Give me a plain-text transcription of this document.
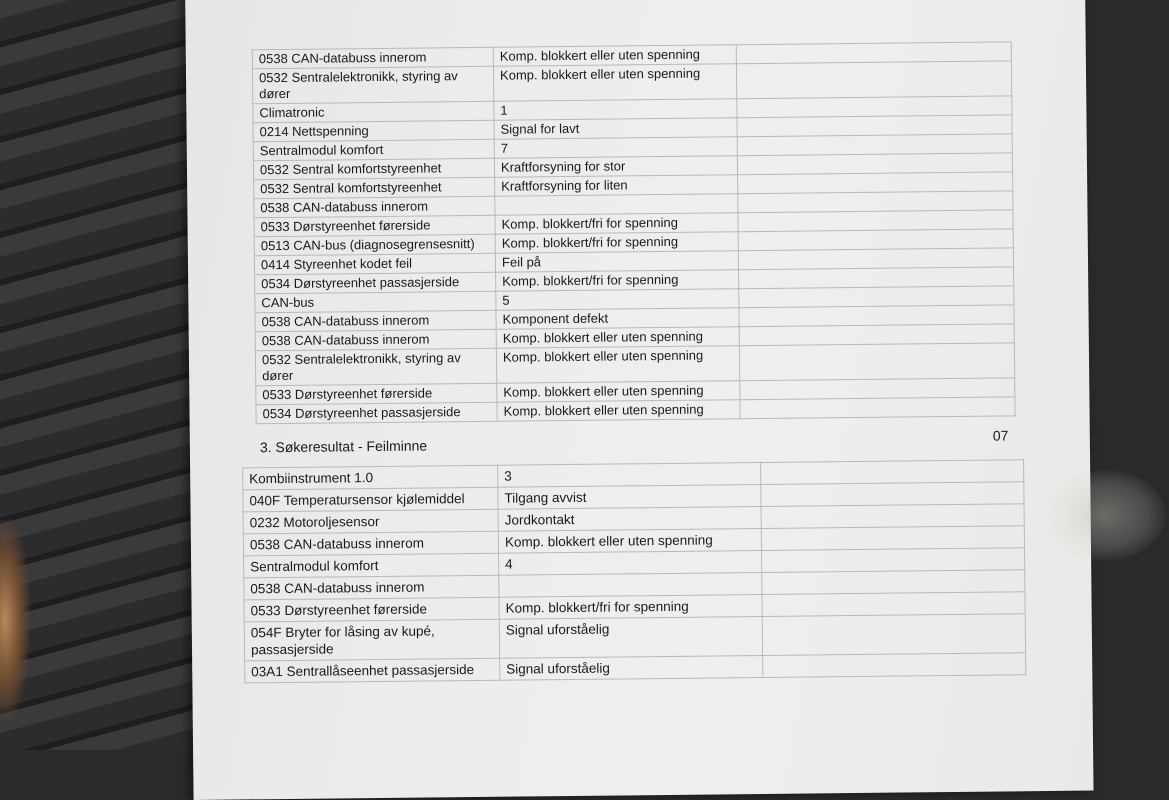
0538 CAN-databuss innerom	Komp. blokkert eller uten spenning	
0532 Sentralelektronikk, styring av dører	Komp. blokkert eller uten spenning	
Climatronic	1	
0214 Nettspenning	Signal for lavt	
Sentralmodul komfort	7	
0532 Sentral komfortstyreenhet	Kraftforsyning for stor	
0532 Sentral komfortstyreenhet	Kraftforsyning for liten	
0538 CAN-databuss innerom		
0533 Dørstyreenhet førerside	Komp. blokkert/fri for spenning	
0513 CAN-bus (diagnosegrensesnitt)	Komp. blokkert/fri for spenning	
0414 Styreenhet kodet feil	Feil på	
0534 Dørstyreenhet passasjerside	Komp. blokkert/fri for spenning	
CAN-bus	5	
0538 CAN-databuss innerom	Komponent defekt	
0538 CAN-databuss innerom	Komp. blokkert eller uten spenning	
0532 Sentralelektronikk, styring av dører	Komp. blokkert eller uten spenning	
0533 Dørstyreenhet førerside	Komp. blokkert eller uten spenning	
0534 Dørstyreenhet passasjerside	Komp. blokkert eller uten spenning	
3. Søkeresultat - Feilminne
07
Kombiinstrument 1.0	3	
040F Temperatursensor kjølemiddel	Tilgang avvist	
0232 Motoroljesensor	Jordkontakt	
0538 CAN-databuss innerom	Komp. blokkert eller uten spenning	
Sentralmodul komfort	4	
0538 CAN-databuss innerom		
0533 Dørstyreenhet førerside	Komp. blokkert/fri for spenning	
054F Bryter for låsing av kupé, passasjerside	Signal uforståelig	
03A1 Sentrallåseenhet passasjerside	Signal uforståelig	
